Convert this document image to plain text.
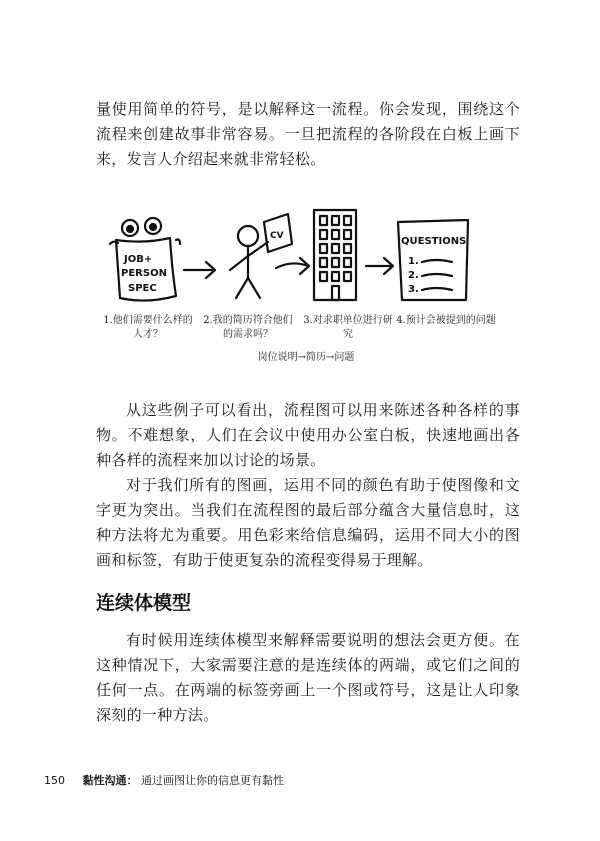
量使用简单的符号，是以解释这一流程。你会发现，围绕这个流程来创建故事非常容易。一旦把流程的各阶段在白板上画下来，发言人介绍起来就非常轻松。

JOB+
PERSON
SPEC
CV	QUESTIONS
1.
2.
3.

1.他们需要什么样的人才？

2.我的简历符合他们的需求吗？

3.对求职单位进行研究

4.预计会被提到的问题

岗位说明→简历→问题

从这些例子可以看出，流程图可以用来陈述各种各样的事物。不难想象，人们在会议中使用办公室白板，快速地画出各种各样的流程来加以讨论的场景。

对于我们所有的图画，运用不同的颜色有助于使图像和文字更为突出。当我们在流程图的最后部分蕴含大量信息时，这种方法将尤为重要。用色彩来给信息编码，运用不同大小的图画和标签，有助于使更复杂的流程变得易于理解。

连续体模型

有时候用连续体模型来解释需要说明的想法会更方便。在这种情况下，大家需要注意的是连续体的两端，或它们之间的任何一点。在两端的标签旁画上一个图或符号，这是让人印象深刻的一种方法。

150 黏性沟通： 通过画图让你的信息更有黏性
